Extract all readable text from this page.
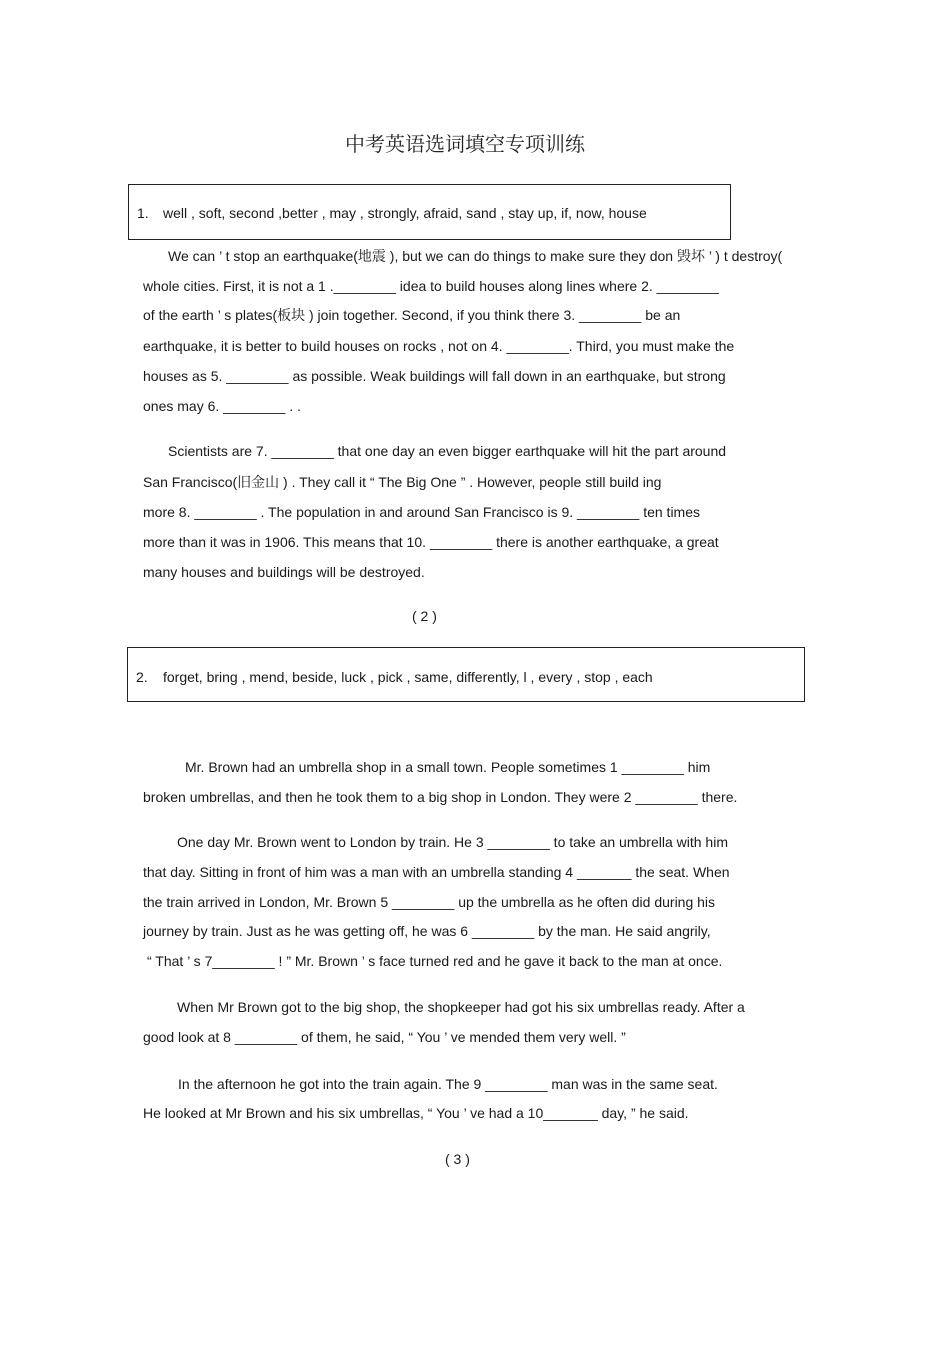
中考英语选词填空专项训练
1. well , soft, second ,better , may , strongly, afraid, sand , stay up, if, now, house
We can ’ t stop an earthquake(地震 ), but we can do things to make sure they don 毁坏 ’ ) t destroy(
whole cities. First, it is not a 1 .________ idea to build houses along lines where 2. ________
of the earth ’ s plates(板块 ) join together. Second, if you think there 3. ________ be an
earthquake, it is better to build houses on rocks , not on 4. ________. Third, you must make the
houses as 5. ________ as possible. Weak buildings will fall down in an earthquake, but strong
ones may 6. ________ . .
Scientists are 7. ________ that one day an even bigger earthquake will hit the part around
San Francisco(旧金山 ) . They call it “ The Big One ” . However, people still build ing
more 8. ________ . The population in and around San Francisco is 9. ________ ten times
more than it was in 1906. This means that 10. ________ there is another earthquake, a great
many houses and buildings will be destroyed.
( 2 )
2. forget, bring , mend, beside, luck , pick , same, differently, l , every , stop , each
Mr. Brown had an umbrella shop in a small town. People sometimes 1 ________ him
broken umbrellas, and then he took them to a big shop in London. They were 2 ________ there.
One day Mr. Brown went to London by train. He 3 ________ to take an umbrella with him
that day. Sitting in front of him was a man with an umbrella standing 4 _______ the seat. When
the train arrived in London, Mr. Brown 5 ________ up the umbrella as he often did during his
journey by train. Just as he was getting off, he was 6 ________ by the man. He said angrily,
“ That ’ s 7________ ! ” Mr. Brown ’ s face turned red and he gave it back to the man at once.
When Mr Brown got to the big shop, the shopkeeper had got his six umbrellas ready. After a
good look at 8 ________ of them, he said, “ You ’ ve mended them very well. ”
In the afternoon he got into the train again. The 9 ________ man was in the same seat.
He looked at Mr Brown and his six umbrellas, “ You ’ ve had a 10_______ day, ” he said.
( 3 )
